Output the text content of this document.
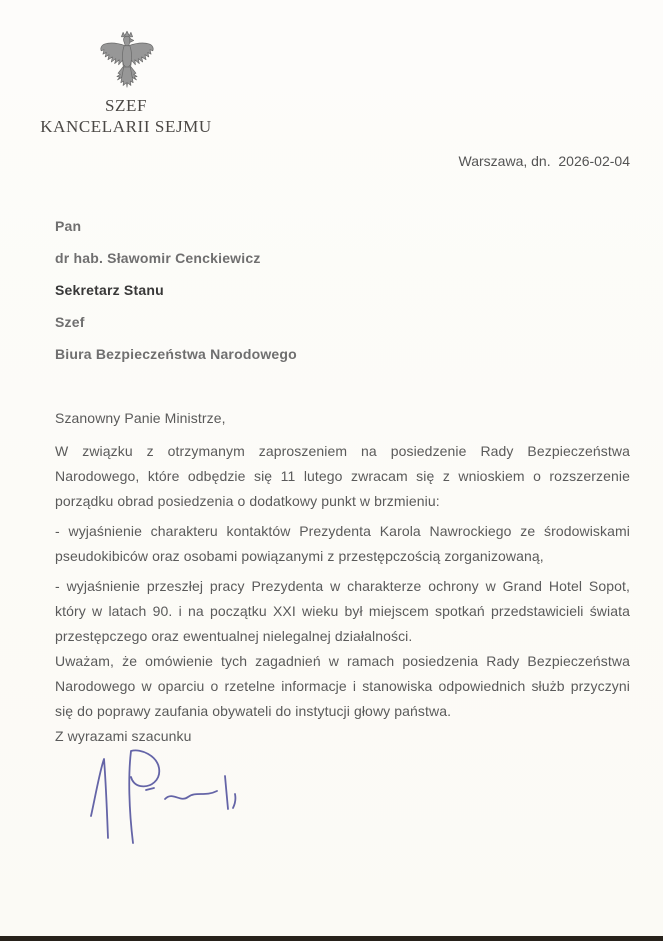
SZEF
KANCELARII SEJMU
Warszawa, dn.  2026-02-04
Pan
dr hab. Sławomir Cenckiewicz
Sekretarz Stanu
Szef
Biura Bezpieczeństwa Narodowego

Szanowny Panie Ministrze,

W związku z otrzymanym zaproszeniem na posiedzenie Rady Bezpieczeństwa Narodowego, które odbędzie się 11 lutego zwracam się z wnioskiem o rozszerzenie porządku obrad posiedzenia o dodatkowy punkt w brzmieniu:

- wyjaśnienie charakteru kontaktów Prezydenta Karola Nawrockiego ze środowiskami pseudokibiców oraz osobami powiązanymi z przestępczością zorganizowaną,

- wyjaśnienie przeszłej pracy Prezydenta w charakterze ochrony w Grand Hotel Sopot, który w latach 90. i na początku XXI wieku był miejscem spotkań przedstawicieli świata przestępczego oraz ewentualnej nielegalnej działalności.

Uważam, że omówienie tych zagadnień w ramach posiedzenia Rady Bezpieczeństwa Narodowego w oparciu o rzetelne informacje i stanowiska odpowiednich służb przyczyni się do poprawy zaufania obywateli do instytucji głowy państwa.

Z wyrazami szacunku
